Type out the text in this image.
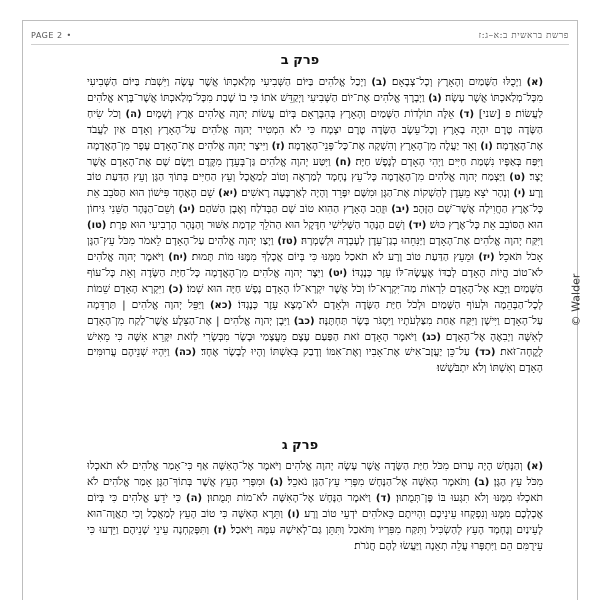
PAGE 2 •	פרשת בראשית ב:א–ג:ז
פרק ב
(א) וַיְכֻלּוּ הַשָּׁמַיִם וְהָאָרֶץ וְכָל־צְבָאָם׃ (ב) וַיְכַל אֱלֹהִים בַּיּוֹם הַשְּׁבִיעִי מְלַאכְתּוֹ אֲשֶׁר עָשָׂה וַיִּשְׁבֹּת בַּיּוֹם הַשְּׁבִיעִי מִכָּל־מְלַאכְתּוֹ אֲשֶׁר עָשָׂה׃ (ג) וַיְבָרֶךְ אֱלֹהִים אֶת־יוֹם הַשְּׁבִיעִי וַיְקַדֵּשׁ אֹתוֹ כִּי בוֹ שָׁבַת מִכָּל־מְלַאכְתּוֹ אֲשֶׁר־בָּרָא אֱלֹהִים לַעֲשׂוֹת׃ פ [שני] (ד) אֵלֶּה תוֹלְדוֹת הַשָּׁמַיִם וְהָאָרֶץ בְּהִבָּרְאָם בְּיוֹם עֲשׂוֹת יְהוָה אֱלֹהִים אֶרֶץ וְשָׁמָיִם׃ (ה) וְכֹל שִׂיחַ הַשָּׂדֶה טֶרֶם יִהְיֶה בָאָרֶץ וְכָל־עֵשֶׂב הַשָּׂדֶה טֶרֶם יִצְמָח כִּי לֹא הִמְטִיר יְהוָה אֱלֹהִים עַל־הָאָרֶץ וְאָדָם אַיִן לַעֲבֹד אֶת־הָאֲדָמָה׃ (ו) וְאֵד יַעֲלֶה מִן־הָאָרֶץ וְהִשְׁקָה אֶת־כָּל־פְּנֵי־הָאֲדָמָה׃ (ז) וַיִּיצֶר יְהוָה אֱלֹהִים אֶת־הָאָדָם עָפָר מִן־הָאֲדָמָה וַיִּפַּח בְּאַפָּיו נִשְׁמַת חַיִּים וַיְהִי הָאָדָם לְנֶפֶשׁ חַיָּה׃ (ח) וַיִּטַּע יְהוָה אֱלֹהִים גַּן־בְּעֵדֶן מִקֶּדֶם וַיָּשֶׂם שָׁם אֶת־הָאָדָם אֲשֶׁר יָצָר׃ (ט) וַיַּצְמַח יְהוָה אֱלֹהִים מִן־הָאֲדָמָה כָּל־עֵץ נֶחְמָד לְמַרְאֶה וְטוֹב לְמַאֲכָל וְעֵץ הַחַיִּים בְּתוֹךְ הַגָּן וְעֵץ הַדַּעַת טוֹב וָרָע׃ (י) וְנָהָר יֹצֵא מֵעֵדֶן לְהַשְׁקוֹת אֶת־הַגָּן וּמִשָּׁם יִפָּרֵד וְהָיָה לְאַרְבָּעָה רָאשִׁים׃ (יא) שֵׁם הָאֶחָד פִּישׁוֹן הוּא הַסֹּבֵב אֵת כָּל־אֶרֶץ הַחֲוִילָה אֲשֶׁר־שָׁם הַזָּהָב׃ (יב) וּזֲהַב הָאָרֶץ הַהִוא טוֹב שָׁם הַבְּדֹלַח וְאֶבֶן הַשֹּׁהַם׃ (יג) וְשֵׁם־הַנָּהָר הַשֵּׁנִי גִּיחוֹן הוּא הַסּוֹבֵב אֵת כָּל־אֶרֶץ כּוּשׁ׃ (יד) וְשֵׁם הַנָּהָר הַשְּׁלִישִׁי חִדֶּקֶל הוּא הַהֹלֵךְ קִדְמַת אַשּׁוּר וְהַנָּהָר הָרְבִיעִי הוּא פְרָת׃ (טו) וַיִּקַּח יְהוָה אֱלֹהִים אֶת־הָאָדָם וַיַּנִּחֵהוּ בְגַן־עֵדֶן לְעָבְדָהּ וּלְשָׁמְרָהּ׃ (טז) וַיְצַו יְהוָה אֱלֹהִים עַל־הָאָדָם לֵאמֹר מִכֹּל עֵץ־הַגָּן אָכֹל תֹּאכֵל׃ (יז) וּמֵעֵץ הַדַּעַת טוֹב וָרָע לֹא תֹאכַל מִמֶּנּוּ כִּי בְּיוֹם אֲכָלְךָ מִמֶּנּוּ מוֹת תָּמוּת׃ (יח) וַיֹּאמֶר יְהוָה אֱלֹהִים לֹא־טוֹב הֱיוֹת הָאָדָם לְבַדּוֹ אֶעֱשֶׂהּ־לּוֹ עֵזֶר כְּנֶגְדּוֹ׃ (יט) וַיִּצֶר יְהוָה אֱלֹהִים מִן־הָאֲדָמָה כָּל־חַיַּת הַשָּׂדֶה וְאֵת כָּל־עוֹף הַשָּׁמַיִם וַיָּבֵא אֶל־הָאָדָם לִרְאוֹת מַה־יִּקְרָא־לוֹ וְכֹל אֲשֶׁר יִקְרָא־לוֹ הָאָדָם נֶפֶשׁ חַיָּה הוּא שְׁמוֹ׃ (כ) וַיִּקְרָא הָאָדָם שֵׁמוֹת לְכָל־הַבְּהֵמָה וּלְעוֹף הַשָּׁמַיִם וּלְכֹל חַיַּת הַשָּׂדֶה וּלְאָדָם לֹא־מָצָא עֵזֶר כְּנֶגְדּוֹ׃ (כא) וַיַּפֵּל יְהוָה אֱלֹהִים | תַּרְדֵּמָה עַל־הָאָדָם וַיִּישָׁן וַיִּקַּח אַחַת מִצַּלְעֹתָיו וַיִּסְגֹּר בָּשָׂר תַּחְתֶּנָּה׃ (כב) וַיִּבֶן יְהוָה אֱלֹהִים | אֶת־הַצֵּלָע אֲשֶׁר־לָקַח מִן־הָאָדָם לְאִשָּׁה וַיְבִאֶהָ אֶל־הָאָדָם׃ (כג) וַיֹּאמֶר הָאָדָם זֹאת הַפַּעַם עֶצֶם מֵעֲצָמַי וּבָשָׂר מִבְּשָׂרִי לְזֹאת יִקָּרֵא אִשָּׁה כִּי מֵאִישׁ לֻקֳחָה־זֹּאת׃ (כד) עַל־כֵּן יַעֲזָב־אִישׁ אֶת־אָבִיו וְאֶת־אִמּוֹ וְדָבַק בְּאִשְׁתּוֹ וְהָיוּ לְבָשָׂר אֶחָד׃ (כה) וַיִּהְיוּ שְׁנֵיהֶם עֲרוּמִּים הָאָדָם וְאִשְׁתּוֹ וְלֹא יִתְבֹּשָׁשׁוּ׃
פרק ג
(א) וְהַנָּחָשׁ הָיָה עָרוּם מִכֹּל חַיַּת הַשָּׂדֶה אֲשֶׁר עָשָׂה יְהוָה אֱלֹהִים וַיֹּאמֶר אֶל־הָאִשָּׁה אַף כִּי־אָמַר אֱלֹהִים לֹא תֹאכְלוּ מִכֹּל עֵץ הַגָּן׃ (ב) וַתֹּאמֶר הָאִשָּׁה אֶל־הַנָּחָשׁ מִפְּרִי עֵץ־הַגָּן נֹאכֵל׃ (ג) וּמִפְּרִי הָעֵץ אֲשֶׁר בְּתוֹךְ־הַגָּן אָמַר אֱלֹהִים לֹא תֹאכְלוּ מִמֶּנּוּ וְלֹא תִגְּעוּ בּוֹ פֶּן־תְּמֻתוּן׃ (ד) וַיֹּאמֶר הַנָּחָשׁ אֶל־הָאִשָּׁה לֹא־מוֹת תְּמֻתוּן׃ (ה) כִּי יֹדֵעַ אֱלֹהִים כִּי בְּיוֹם אֲכָלְכֶם מִמֶּנּוּ וְנִפְקְחוּ עֵינֵיכֶם וִהְיִיתֶם כֵּאלֹהִים יֹדְעֵי טוֹב וָרָע׃ (ו) וַתֵּרֶא הָאִשָּׁה כִּי טוֹב הָעֵץ לְמַאֲכָל וְכִי תַאֲוָה־הוּא לָעֵינַיִם וְנֶחְמָד הָעֵץ לְהַשְׂכִּיל וַתִּקַּח מִפִּרְיוֹ וַתֹּאכַל וַתִּתֵּן גַּם־לְאִישָׁהּ עִמָּהּ וַיֹּאכַל׃ (ז) וַתִּפָּקַחְנָה עֵינֵי שְׁנֵיהֶם וַיֵּדְעוּ כִּי עֵירֻמִּם הֵם וַיִּתְפְּרוּ עֲלֵה תְאֵנָה וַיַּעֲשׂוּ לָהֶם חֲגֹרֹת׃
© Walder
